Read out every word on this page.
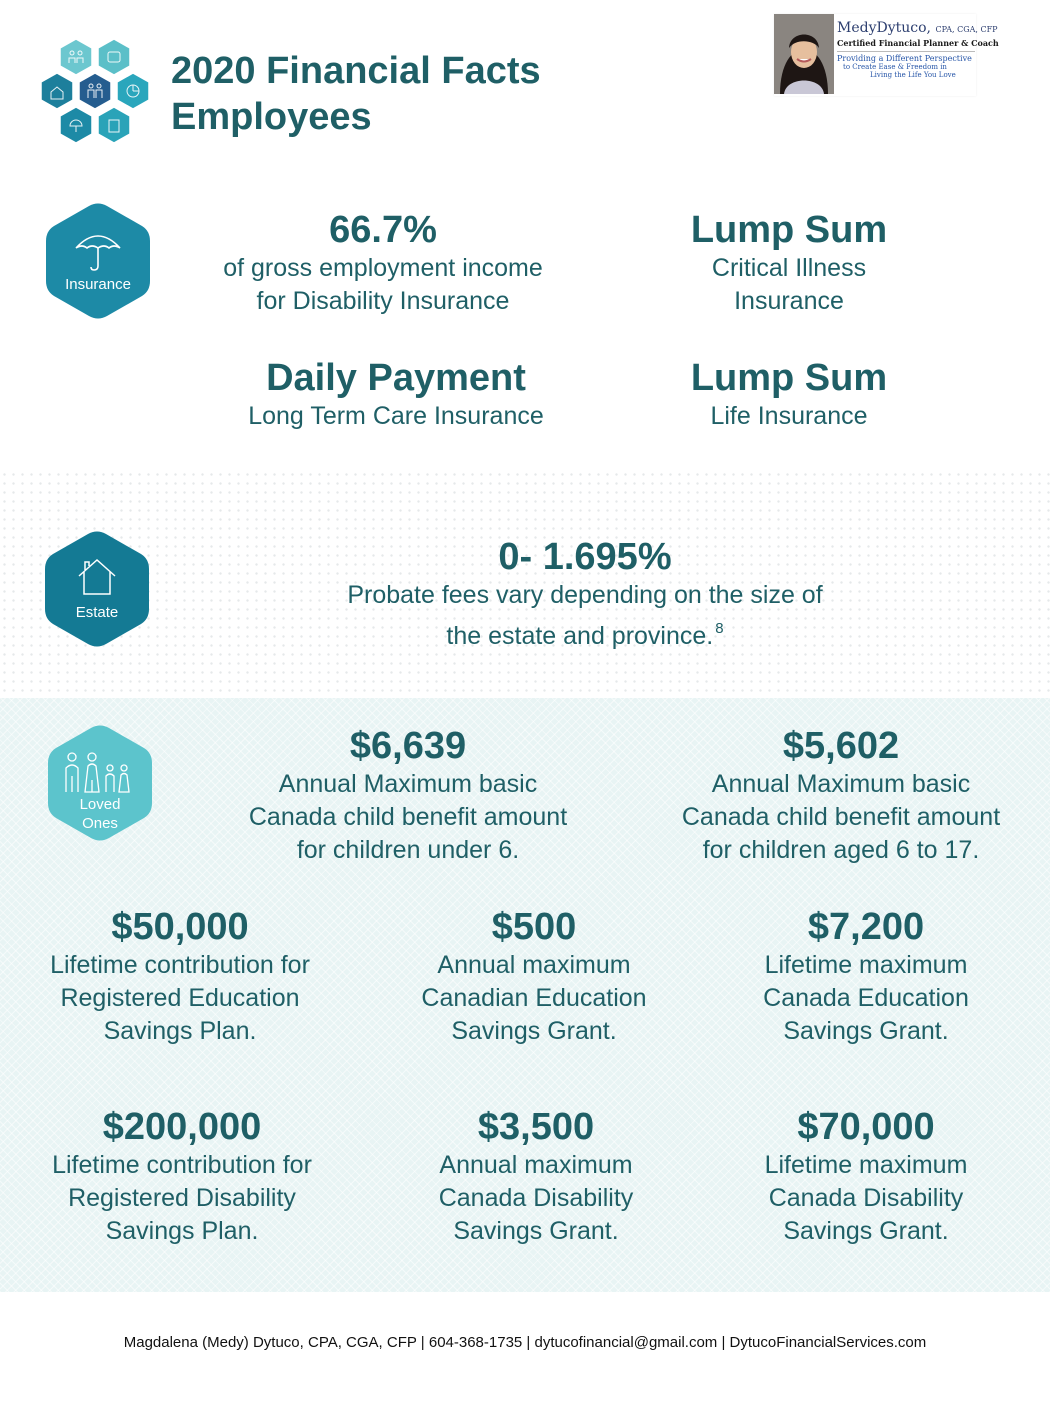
2020 Financial Facts
Employees
MedyDytuco, CPA, CGA, CFP
Certified Financial Planner & Coach
Providing a Different Perspective
to Create Ease & Freedom in
Living the Life You Love
Insurance
66.7%
of gross employment income
for Disability Insurance
Lump Sum
Critical Illness
Insurance
Daily Payment
Long Term Care Insurance
Lump Sum
Life Insurance
Estate
0- 1.695%
Probate fees vary depending on the size of
the estate and province. $^8$
Loved
Ones
$6,639
Annual Maximum basic
Canada child benefit amount
for children under 6.
$5,602
Annual Maximum basic
Canada child benefit amount
for children aged 6 to 17.
$50,000
Lifetime contribution for
Registered Education
Savings Plan.
$500
Annual maximum
Canadian Education
Savings Grant.
$7,200
Lifetime maximum
Canada Education
Savings Grant.
$200,000
Lifetime contribution for
Registered Disability
Savings Plan.
$3,500
Annual maximum
Canada Disability
Savings Grant.
$70,000
Lifetime maximum
Canada Disability
Savings Grant.
Magdalena (Medy) Dytuco, CPA, CGA, CFP | 604-368-1735 | dytucofinancial@gmail.com | DytucoFinancialServices.com
